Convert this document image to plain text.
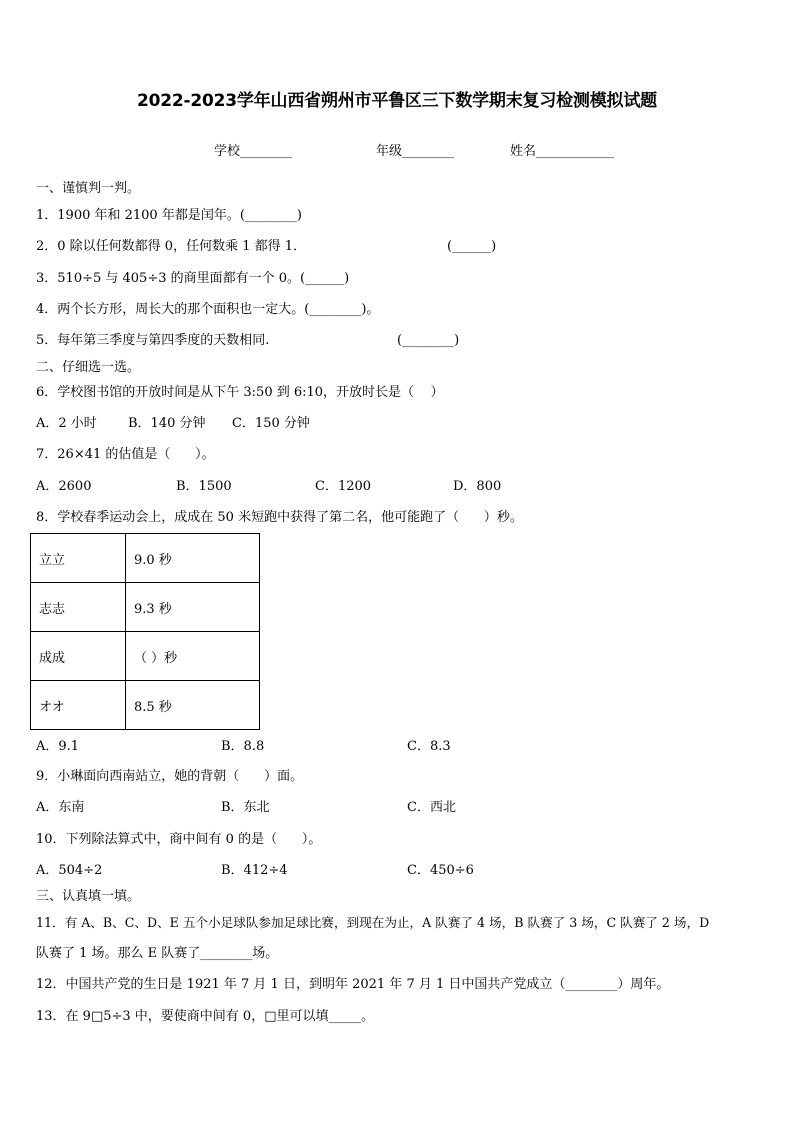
2022-2023学年山西省朔州市平鲁区三下数学期末复习检测模拟试题
学校________	年级________	姓名____________
一、谨慎判一判。
1．1900 年和 2100 年都是闰年。(________)
2．0 除以任何数都得 0，任何数乘 1 都得 1．	(______)
3．510÷5 与 405÷3 的商里面都有一个 0。(______)
4．两个长方形，周长大的那个面积也一定大。(________)。
5．每年第三季度与第四季度的天数相同.	(________)
二、仔细选一选。
6．学校图书馆的开放时间是从下午 3:50 到 6:10，开放时长是（    ）
A．2 小时 B．140 分钟 C．150 分钟
7．26×41 的估值是（      ）。
A．2600	B．1500	C．1200	D．800
8．学校春季运动会上，成成在 50 米短跑中获得了第二名，他可能跑了（      ）秒。
立立	9.0 秒
志志	9.3 秒
成成	（ ）秒
オオ	8.5 秒
A．9.1	B．8.8	C．8.3
9．小琳面向西南站立，她的背朝（      ）面。
A．东南	B．东北	C．西北
10．下列除法算式中，商中间有 0 的是（      ）。
A．504÷2	B．412÷4	C．450÷6
三、认真填一填。
11．有 A、B、C、D、E 五个小足球队参加足球比赛，到现在为止，A 队赛了 4 场，B 队赛了 3 场，C 队赛了 2 场，D
队赛了 1 场。那么 E 队赛了________场。
12．中国共产党的生日是 1921 年 7 月 1 日，到明年 2021 年 7 月 1 日中国共产党成立（________）周年。
13．在 9□5÷3 中，要使商中间有 0，□里可以填_____。
